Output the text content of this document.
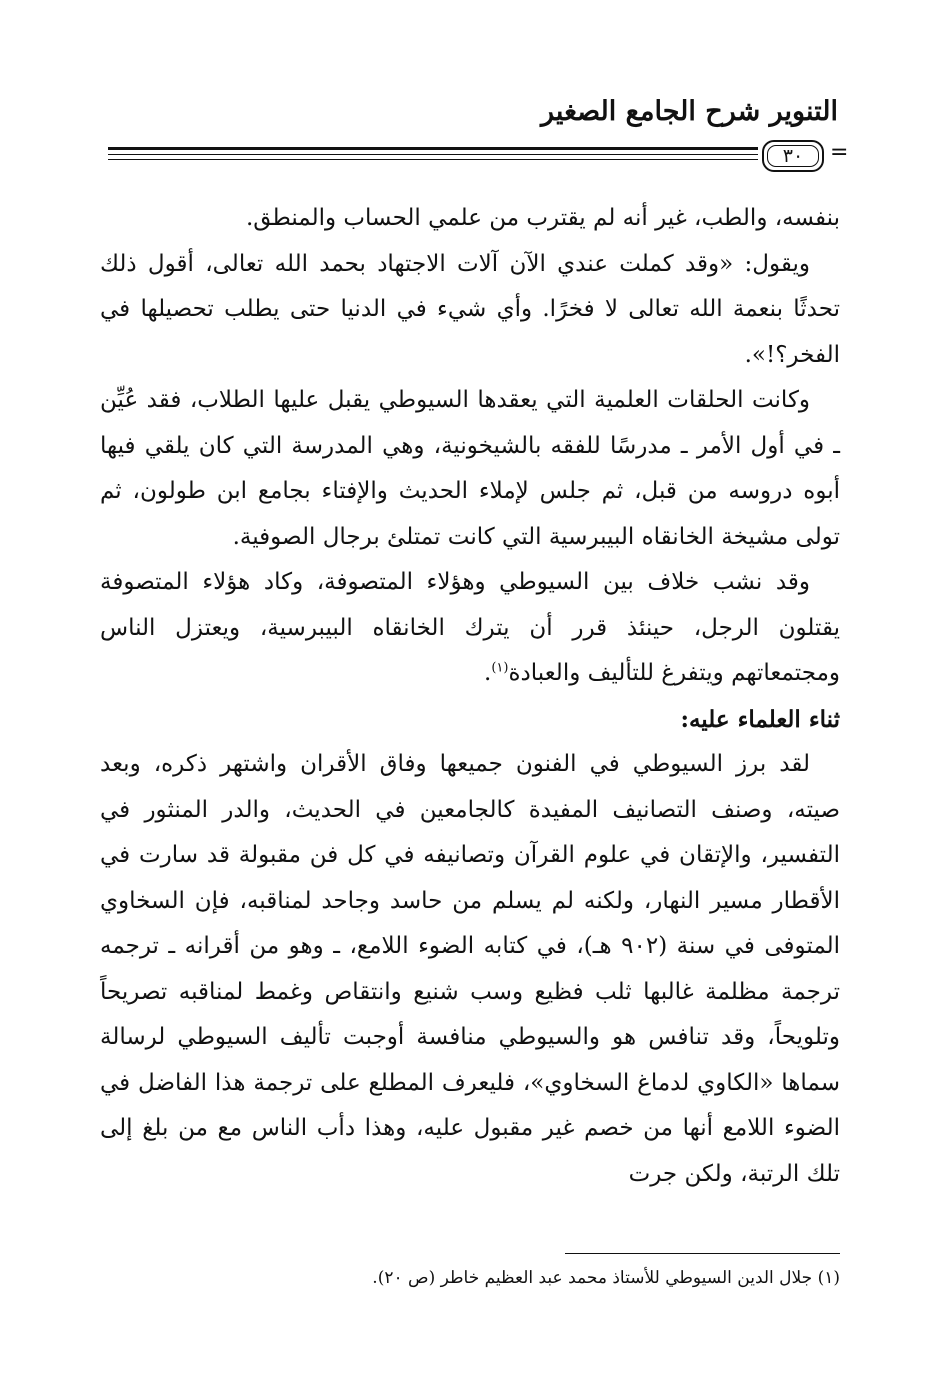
التنوير شرح الجامع الصغير
٣٠ =

بنفسه، والطب، غير أنه لم يقترب من علمي الحساب والمنطق.

ويقول: «وقد كملت عندي الآن آلات الاجتهاد بحمد الله تعالى، أقول ذلك تحدثًا بنعمة الله تعالى لا فخرًا. وأي شيء في الدنيا حتى يطلب تحصيلها في الفخر؟!».

وكانت الحلقات العلمية التي يعقدها السيوطي يقبل عليها الطلاب، فقد عُيِّن ـ في أول الأمر ـ مدرسًا للفقه بالشيخونية، وهي المدرسة التي كان يلقي فيها أبوه دروسه من قبل، ثم جلس لإملاء الحديث والإفتاء بجامع ابن طولون، ثم تولى مشيخة الخانقاه البيبرسية التي كانت تمتلئ برجال الصوفية.

وقد نشب خلاف بين السيوطي وهؤلاء المتصوفة، وكاد هؤلاء المتصوفة يقتلون الرجل، حينئذ قرر أن يترك الخانقاه البيبرسية، ويعتزل الناس ومجتمعاتهم ويتفرغ للتأليف والعبادة$^{(١)}$.

ثناء العلماء عليه:

لقد برز السيوطي في الفنون جميعها وفاق الأقران واشتهر ذكره، وبعد صيته، وصنف التصانيف المفيدة كالجامعين في الحديث، والدر المنثور في التفسير، والإتقان في علوم القرآن وتصانيفه في كل فن مقبولة قد سارت في الأقطار مسير النهار، ولكنه لم يسلم من حاسد وجاحد لمناقبه، فإن السخاوي المتوفى في سنة (٩٠٢ هـ)، في كتابه الضوء اللامع، ـ وهو من أقرانه ـ ترجمه ترجمة مظلمة غالبها ثلب فظيع وسب شنيع وانتقاص وغمط لمناقبه تصريحاً وتلويحاً، وقد تنافس هو والسيوطي منافسة أوجبت تأليف السيوطي لرسالة سماها «الكاوي لدماغ السخاوي»، فليعرف المطلع على ترجمة هذا الفاضل في الضوء اللامع أنها من خصم غير مقبول عليه، وهذا دأب الناس مع من بلغ إلى تلك الرتبة، ولكن جرت

(١) جلال الدين السيوطي للأستاذ محمد عبد العظيم خاطر (ص ٢٠).
